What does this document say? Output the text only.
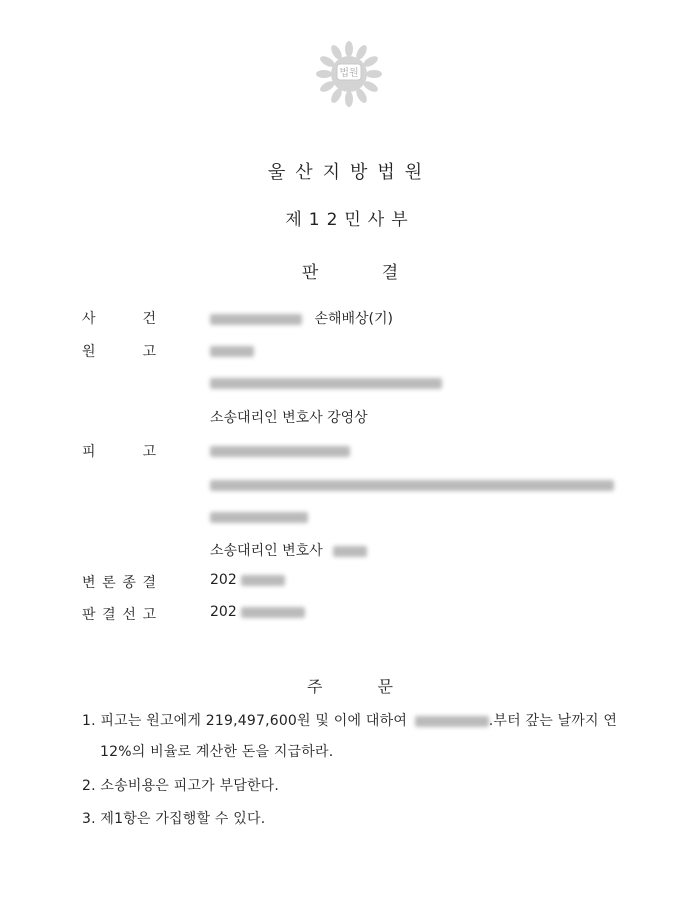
법원
울산지방법원
제12민사부
판 결
사	건	손해배상(기)
원	고
소송대리인 변호사 강영상
피	고
소송대리인 변호사
변 론 종 결	202
판 결 선 고	202
주 문
1. 피고는 원고에게 219,497,600원 및 이에 대하여	.부터 갚는 날까지 연
12%의 비율로 계산한 돈을 지급하라.
2. 소송비용은 피고가 부담한다.
3. 제1항은 가집행할 수 있다.
